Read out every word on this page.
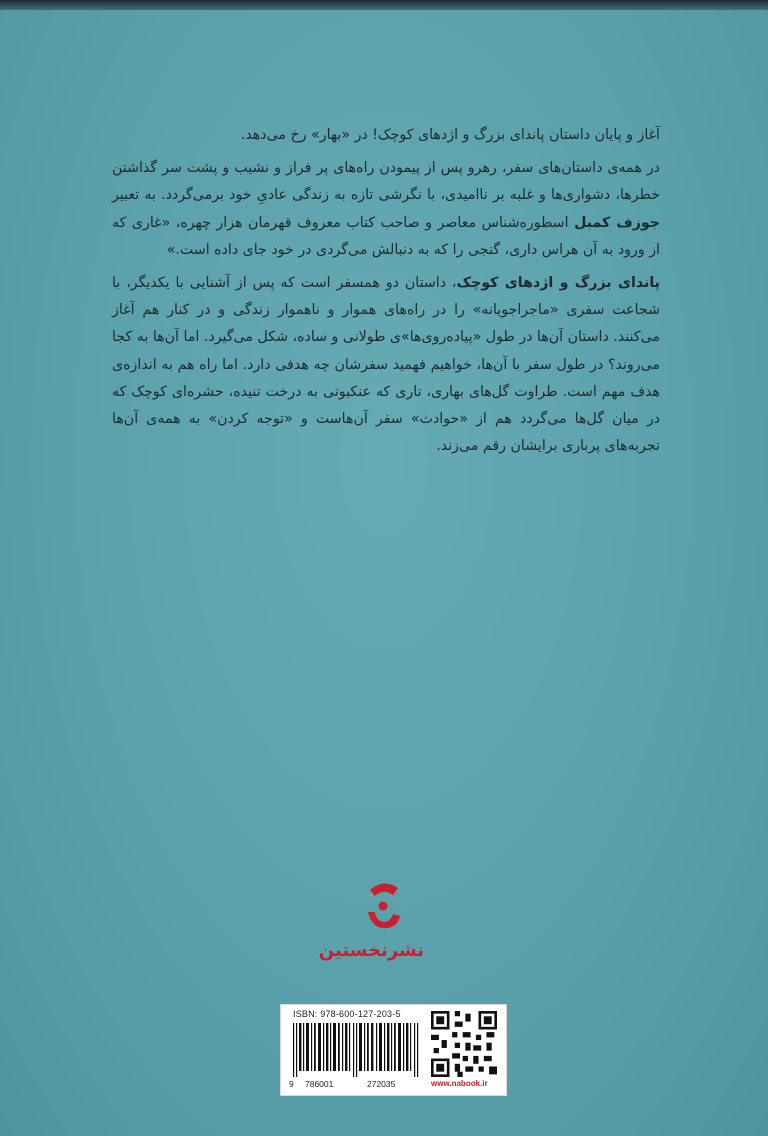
آغاز و پایان داستان پاندای بزرگ و اژدهای کوچک! در «بهار» رخ می‌دهد.

در همه‌ی داستان‌های سفر، رهرو پس از پیمودن راه‌های پر فراز و نشیب و پشت سر گذاشتن خطرها، دشواری‌ها و غلبه بر ناامیدی، با نگرشی تازه به زندگی عادیِ خود برمی‌گردد. به تعبیر جوزف کمبل اسطوره‌شناس معاصر و صاحب کتاب معروف قهرمان هزار چهره، «غاری که از ورود به آن هراس داری، گنجی را که به دنبالش می‌گردی در خود جای داده است.»

پاندای بزرگ و اژدهای کوچک، داستان دو همسفر است که پس از آشنایی با یکدیگر، با شجاعت سفری «ماجراجویانه» را در راه‌های هموار و ناهموار زندگی و در کنار هم آغاز می‌کنند. داستان آن‌ها در طول «پیاده‌روی‌ها»ی طولانی و ساده، شکل می‌گیرد. اما آن‌ها به کجا می‌روند؟ در طول سفر با آن‌ها، خواهیم فهمید سفرشان چه هدفی دارد. اما راه هم به اندازه‌ی هدف مهم است. طراوت گل‌های بهاری، تاری که عنکبوتی به درخت تنیده، حشره‌ای کوچک که در میان گل‌ها می‌گردد هم از «حوادث» سفر آن‌هاست و «توجه کردن» به همه‌ی آن‌ها تجربه‌های پرباری برایشان رقم می‌زند.

نشرنخستین
ISBN: 978-600-127-203-5
9 786001	272035	www.nabook.ir
